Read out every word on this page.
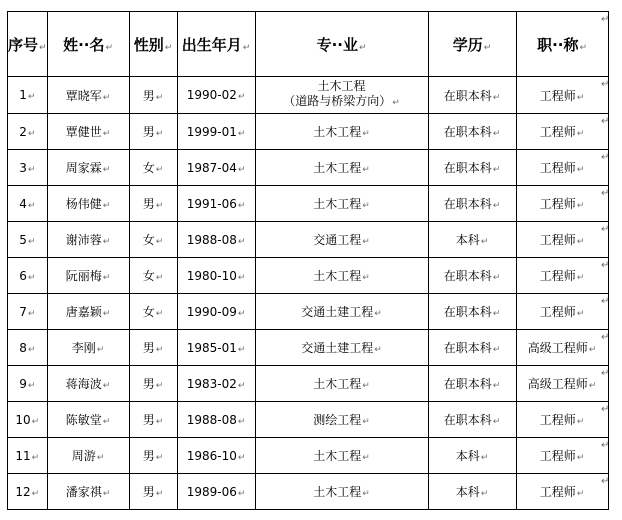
序号↵	姓··名↵	性别↵	出生年月↵	专··业↵	学历↵	职··称↵
1↵	覃晓军↵	男↵	1990-02↵	土木工程
（道路与桥梁方向）↵	在职本科↵	工程师↵
2↵	覃健世↵	男↵	1999-01↵	土木工程↵	在职本科↵	工程师↵
3↵	周家霖↵	女↵	1987-04↵	土木工程↵	在职本科↵	工程师↵
4↵	杨伟健↵	男↵	1991-06↵	土木工程↵	在职本科↵	工程师↵
5↵	谢沛蓉↵	女↵	1988-08↵	交通工程↵	本科↵	工程师↵
6↵	阮丽梅↵	女↵	1980-10↵	土木工程↵	在职本科↵	工程师↵
7↵	唐嘉颖↵	女↵	1990-09↵	交通土建工程↵	在职本科↵	工程师↵
8↵	李刚↵	男↵	1985-01↵	交通土建工程↵	在职本科↵	高级工程师↵
9↵	蒋海波↵	男↵	1983-02↵	土木工程↵	在职本科↵	高级工程师↵
10↵	陈敏堂↵	男↵	1988-08↵	测绘工程↵	在职本科↵	工程师↵
11↵	周游↵	男↵	1986-10↵	土木工程↵	本科↵	工程师↵
12↵	潘家祺↵	男↵	1989-06↵	土木工程↵	本科↵	工程师↵
↵
↵
↵
↵
↵
↵
↵
↵
↵
↵
↵
↵
↵
